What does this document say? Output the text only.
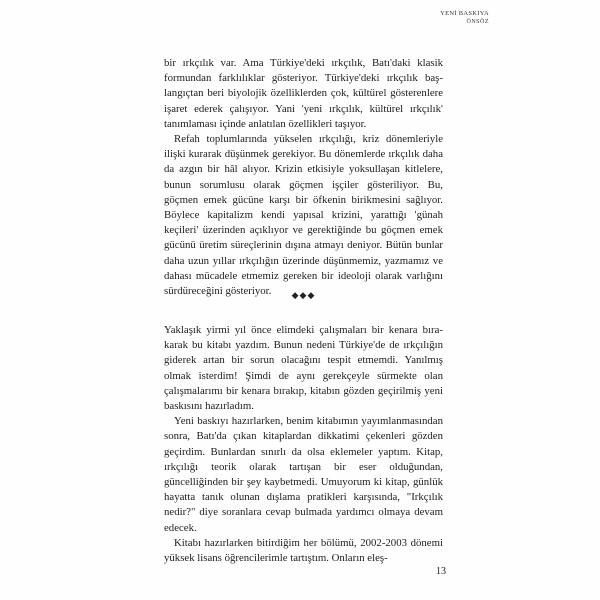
YENİ BASKIYA
ÖNSÖZ

bir ırkçılık var. Ama Türkiye'deki ırkçılık, Batı'daki klasik formundan farklılıklar gösteriyor. Türkiye'deki ırkçılık başlangıçtan beri biyolojik özelliklerden çok, kültürel gösterenlere işaret ederek çalışıyor. Yani 'yeni ırkçılık, kültürel ırkçılık' tanımlaması içinde anlatılan özellikleri taşıyor.

Refah toplumlarında yükselen ırkçılığı, kriz dönemleriyle ilişki kurarak düşünmek gerekiyor. Bu dönemlerde ırkçılık daha da azgın bir hâl alıyor. Krizin etkisiyle yoksullaşan kitlelere, bunun sorumlusu olarak göçmen işçiler gösteriliyor. Bu, göçmen emek gücüne karşı bir öfkenin birikmesini sağlıyor. Böylece kapitalizm kendi yapısal krizini, yarattığı 'günah keçileri' üzerinden açıklıyor ve gerektiğinde bu göçmen emek gücünü üretim süreçlerinin dışına atmayı deniyor. Bütün bunlar daha uzun yıllar ırkçılığın üzerinde düşünmemiz, yazmamız ve dahası mücadele etmemiz gereken bir ideoloji olarak varlığını sürdüreceğini gösteriyor.	◆◆◆

Yaklaşık yirmi yıl önce elimdeki çalışmaları bir kenara bırakarak bu kitabı yazdım. Bunun nedeni Türkiye'de de ırkçılığın giderek artan bir sorun olacağını tespit etmemdi. Yanılmış olmak isterdim! Şimdi de aynı gerekçeyle sürmekte olan çalışmalarımı bir kenara bırakıp, kitabın gözden geçirilmiş yeni baskısını hazırladım.

Yeni baskıyı hazırlarken, benim kitabımın yayımlanmasından sonra, Batı'da çıkan kitaplardan dikkatimi çekenleri gözden geçirdim. Bunlardan sınırlı da olsa eklemeler yaptım. Kitap, ırkçılığı teorik olarak tartışan bir eser olduğundan, güncelliğinden bir şey kaybetmedi. Umuyorum ki kitap, günlük hayatta tanık olunan dışlama pratikleri karşısında, "Irkçılık nedir?" diye soranlara cevap bulmada yardımcı olmaya devam edecek.

Kitabı hazırlarken bitirdiğim her bölümü, 2002-2003 dönemi yüksek lisans öğrencilerimle tartıştım. Onların eleş-

13
